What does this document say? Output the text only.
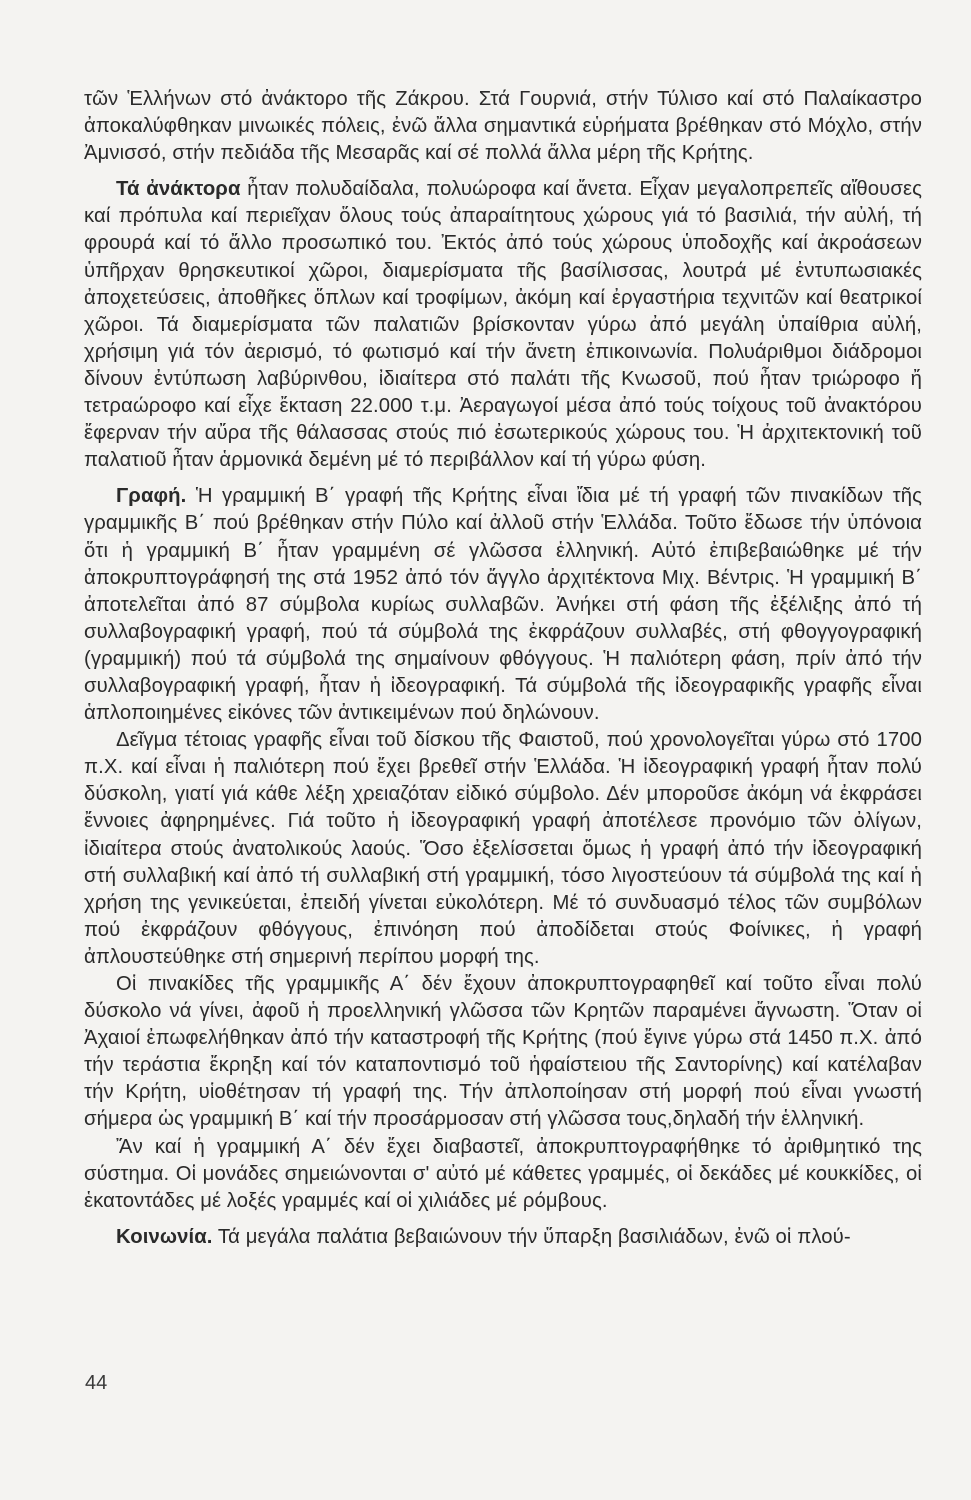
τῶν Ἑλλήνων στό ἀνάκτορο τῆς Ζάκρου. Στά Γουρνιά, στήν Τύλισο καί στό Παλαίκαστρο ἀποκαλύφθηκαν μινωικές πόλεις, ἐνῶ ἄλλα σημαντικά εὑρήματα βρέθηκαν στό Μόχλο, στήν Ἀμνισσό, στήν πεδιάδα τῆς Μεσαρᾶς καί σέ πολλά ἄλλα μέρη τῆς Κρήτης.

Τά ἀνάκτορα ἦταν πολυδαίδαλα, πολυώροφα καί ἄνετα. Εἶχαν μεγαλοπρεπεῖς αἴθουσες καί πρόπυλα καί περιεῖχαν ὅλους τούς ἀπαραίτητους χώρους γιά τό βασιλιά, τήν αὐλή, τή φρουρά καί τό ἄλλο προσωπικό του. Ἐκτός ἀπό τούς χώρους ὑποδοχῆς καί ἀκροάσεων ὑπῆρχαν θρησκευτικοί χῶροι, διαμερίσματα τῆς βασίλισσας, λουτρά μέ ἐντυπωσιακές ἀποχετεύσεις, ἀποθῆκες ὅπλων καί τροφίμων, ἀκόμη καί ἐργαστήρια τεχνιτῶν καί θεατρικοί χῶροι. Τά διαμερίσματα τῶν παλατιῶν βρίσκονταν γύρω ἀπό μεγάλη ὑπαίθρια αὐλή, χρήσιμη γιά τόν ἀερισμό, τό φωτισμό καί τήν ἄνετη ἐπικοινωνία. Πολυάριθμοι διάδρομοι δίνουν ἐντύπωση λαβύρινθου, ἰδιαίτερα στό παλάτι τῆς Κνωσοῦ, πού ἦταν τριώροφο ἤ τετραώροφο καί εἶχε ἔκταση 22.000 τ.μ. Ἀεραγωγοί μέσα ἀπό τούς τοίχους τοῦ ἀνακτόρου ἔφερναν τήν αὔρα τῆς θάλασσας στούς πιό ἐσωτερικούς χώρους του. Ἡ ἀρχιτεκτονική τοῦ παλατιοῦ ἦταν ἁρμονικά δεμένη μέ τό περιβάλλον καί τή γύρω φύση.

Γραφή. Ἡ γραμμική Β΄ γραφή τῆς Κρήτης εἶναι ἴδια μέ τή γραφή τῶν πινακίδων τῆς γραμμικῆς Β΄ πού βρέθηκαν στήν Πύλο καί ἀλλοῦ στήν Ἑλλάδα. Τοῦτο ἔδωσε τήν ὑπόνοια ὅτι ἡ γραμμική Β΄ ἦταν γραμμένη σέ γλῶσσα ἑλληνική. Αὐτό ἐπιβεβαιώθηκε μέ τήν ἀποκρυπτογράφησή της στά 1952 ἀπό τόν ἄγγλο ἀρχιτέκτονα Μιχ. Βέντρις. Ἡ γραμμική Β΄ ἀποτελεῖται ἀπό 87 σύμβολα κυρίως συλλαβῶν. Ἀνήκει στή φάση τῆς ἐξέλιξης ἀπό τή συλλαβογραφική γραφή, πού τά σύμβολά της ἐκφράζουν συλλαβές, στή φθογγογραφική (γραμμική) πού τά σύμβολά της σημαίνουν φθόγγους. Ἡ παλιότερη φάση, πρίν ἀπό τήν συλλαβογραφική γραφή, ἦταν ἡ ἰδεογραφική. Τά σύμβολά τῆς ἰδεογραφικῆς γραφῆς εἶναι ἁπλοποιημένες εἰκόνες τῶν ἀντικειμένων πού δηλώνουν.

Δεῖγμα τέτοιας γραφῆς εἶναι τοῦ δίσκου τῆς Φαιστοῦ, πού χρονολογεῖται γύρω στό 1700 π.Χ. καί εἶναι ἡ παλιότερη πού ἔχει βρεθεῖ στήν Ἑλλάδα. Ἡ ἰδεογραφική γραφή ἦταν πολύ δύσκολη, γιατί γιά κάθε λέξη χρειαζόταν εἰδικό σύμβολο. Δέν μποροῦσε ἀκόμη νά ἐκφράσει ἔννοιες ἀφηρημένες. Γιά τοῦτο ἡ ἰδεογραφική γραφή ἀποτέλεσε προνόμιο τῶν ὀλίγων, ἰδιαίτερα στούς ἀνατολικούς λαούς. Ὅσο ἐξελίσσεται ὅμως ἡ γραφή ἀπό τήν ἰδεογραφική στή συλλαβική καί ἀπό τή συλλαβική στή γραμμική, τόσο λιγοστεύουν τά σύμβολά της καί ἡ χρήση της γενικεύεται, ἐπειδή γίνεται εὐκολότερη. Μέ τό συνδυασμό τέλος τῶν συμβόλων πού ἐκφράζουν φθόγγους, ἐπινόηση πού ἀποδίδεται στούς Φοίνικες, ἡ γραφή ἀπλουστεύθηκε στή σημερινή περίπου μορφή της.

Οἱ πινακίδες τῆς γραμμικῆς Α΄ δέν ἔχουν ἀποκρυπτογραφηθεῖ καί τοῦτο εἶναι πολύ δύσκολο νά γίνει, ἀφοῦ ἡ προελληνική γλῶσσα τῶν Κρητῶν παραμένει ἄγνωστη. Ὅταν οἱ Ἀχαιοί ἐπωφελήθηκαν ἀπό τήν καταστροφή τῆς Κρήτης (πού ἔγινε γύρω στά 1450 π.Χ. ἀπό τήν τεράστια ἔκρηξη καί τόν καταποντισμό τοῦ ἡφαίστειου τῆς Σαντορίνης) καί κατέλαβαν τήν Κρήτη, υἱοθέτησαν τή γραφή της. Τήν ἀπλοποίησαν στή μορφή πού εἶναι γνωστή σήμερα ὡς γραμμική Β΄ καί τήν προσάρμοσαν στή γλῶσσα τους,δηλαδή τήν ἑλληνική.

Ἄν καί ἡ γραμμική Α΄ δέν ἔχει διαβαστεῖ, ἀποκρυπτογραφήθηκε τό ἀριθμητικό της σύστημα. Οἱ μονάδες σημειώνονται σ' αὐτό μέ κάθετες γραμμές, οἱ δεκάδες μέ κουκκίδες, οἱ ἑκατοντάδες μέ λοξές γραμμές καί οἱ χιλιάδες μέ ρόμβους.

Κοινωνία. Τά μεγάλα παλάτια βεβαιώνουν τήν ὕπαρξη βασιλιάδων, ἐνῶ οἱ πλού-

44
